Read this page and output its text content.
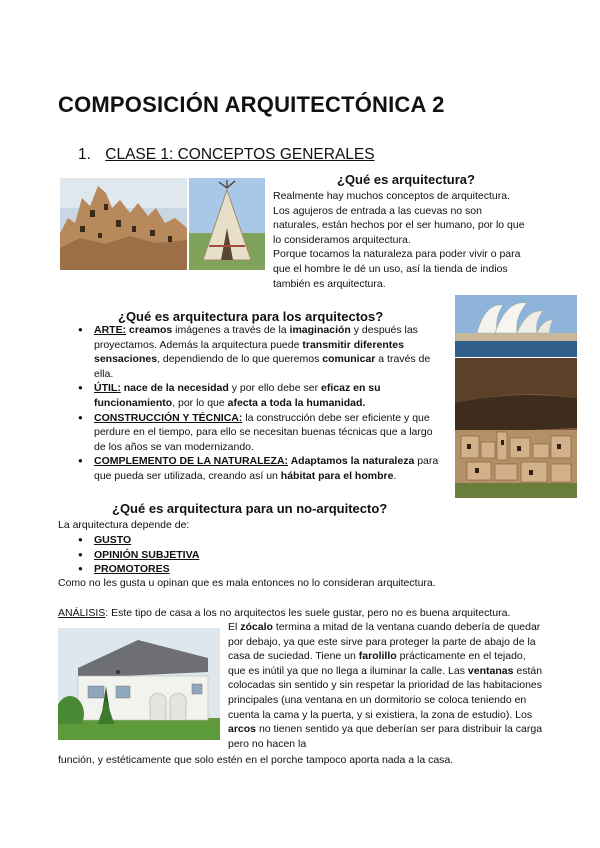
COMPOSICIÓN ARQUITECTÓNICA 2
1. CLASE 1: CONCEPTOS GENERALES
¿Qué es arquitectura?
Realmente hay muchos conceptos de arquitectura.
Los agujeros de entrada a las cuevas no son
naturales, están hechos por el ser humano, por lo que
lo consideramos arquitectura.
Porque tocamos la naturaleza para poder vivir o para
que el hombre le dé un uso, así la tienda de indios
también es arquitectura.
¿Qué es arquitectura para los arquitectos?
● ARTE: creamos imágenes a través de la imaginación y después las proyectamos. Además la arquitectura puede transmitir diferentes sensaciones, dependiendo de lo que queremos comunicar a través de ella.
● ÚTIL: nace de la necesidad y por ello debe ser eficaz en su funcionamiento, por lo que afecta a toda la humanidad.
● CONSTRUCCIÓN Y TÉCNICA: la construcción debe ser eficiente y que perdure en el tiempo, para ello se necesitan buenas técnicas que a largo de los años se van modernizando.
● COMPLEMENTO DE LA NATURALEZA: Adaptamos la naturaleza para que pueda ser utilizada, creando así un hábitat para el hombre.
¿Qué es arquitectura para un no-arquitecto?
La arquitectura depende de:
● GUSTO
● OPINIÓN SUBJETIVA
● PROMOTORES
Como no les gusta u opinan que es mala entonces no lo consideran arquitectura.
ANÁLISIS: Este tipo de casa a los no arquitectos les suele gustar, pero no es buena arquitectura.
El zócalo termina a mitad de la ventana cuando debería de quedar por debajo, ya que este sirve para proteger la parte de abajo de la casa de suciedad. Tiene un farolillo prácticamente en el tejado, que es inútil ya que no llega a iluminar la calle. Las ventanas están colocadas sin sentido y sin respetar la prioridad de las habitaciones principales (una ventana en un dormitorio se coloca teniendo en cuenta la cama y la puerta, y si existiera, la zona de estudio). Los arcos no tienen sentido ya que deberían ser para distribuir la carga pero no hacen la
función, y estéticamente que solo estén en el porche tampoco aporta nada a la casa.
